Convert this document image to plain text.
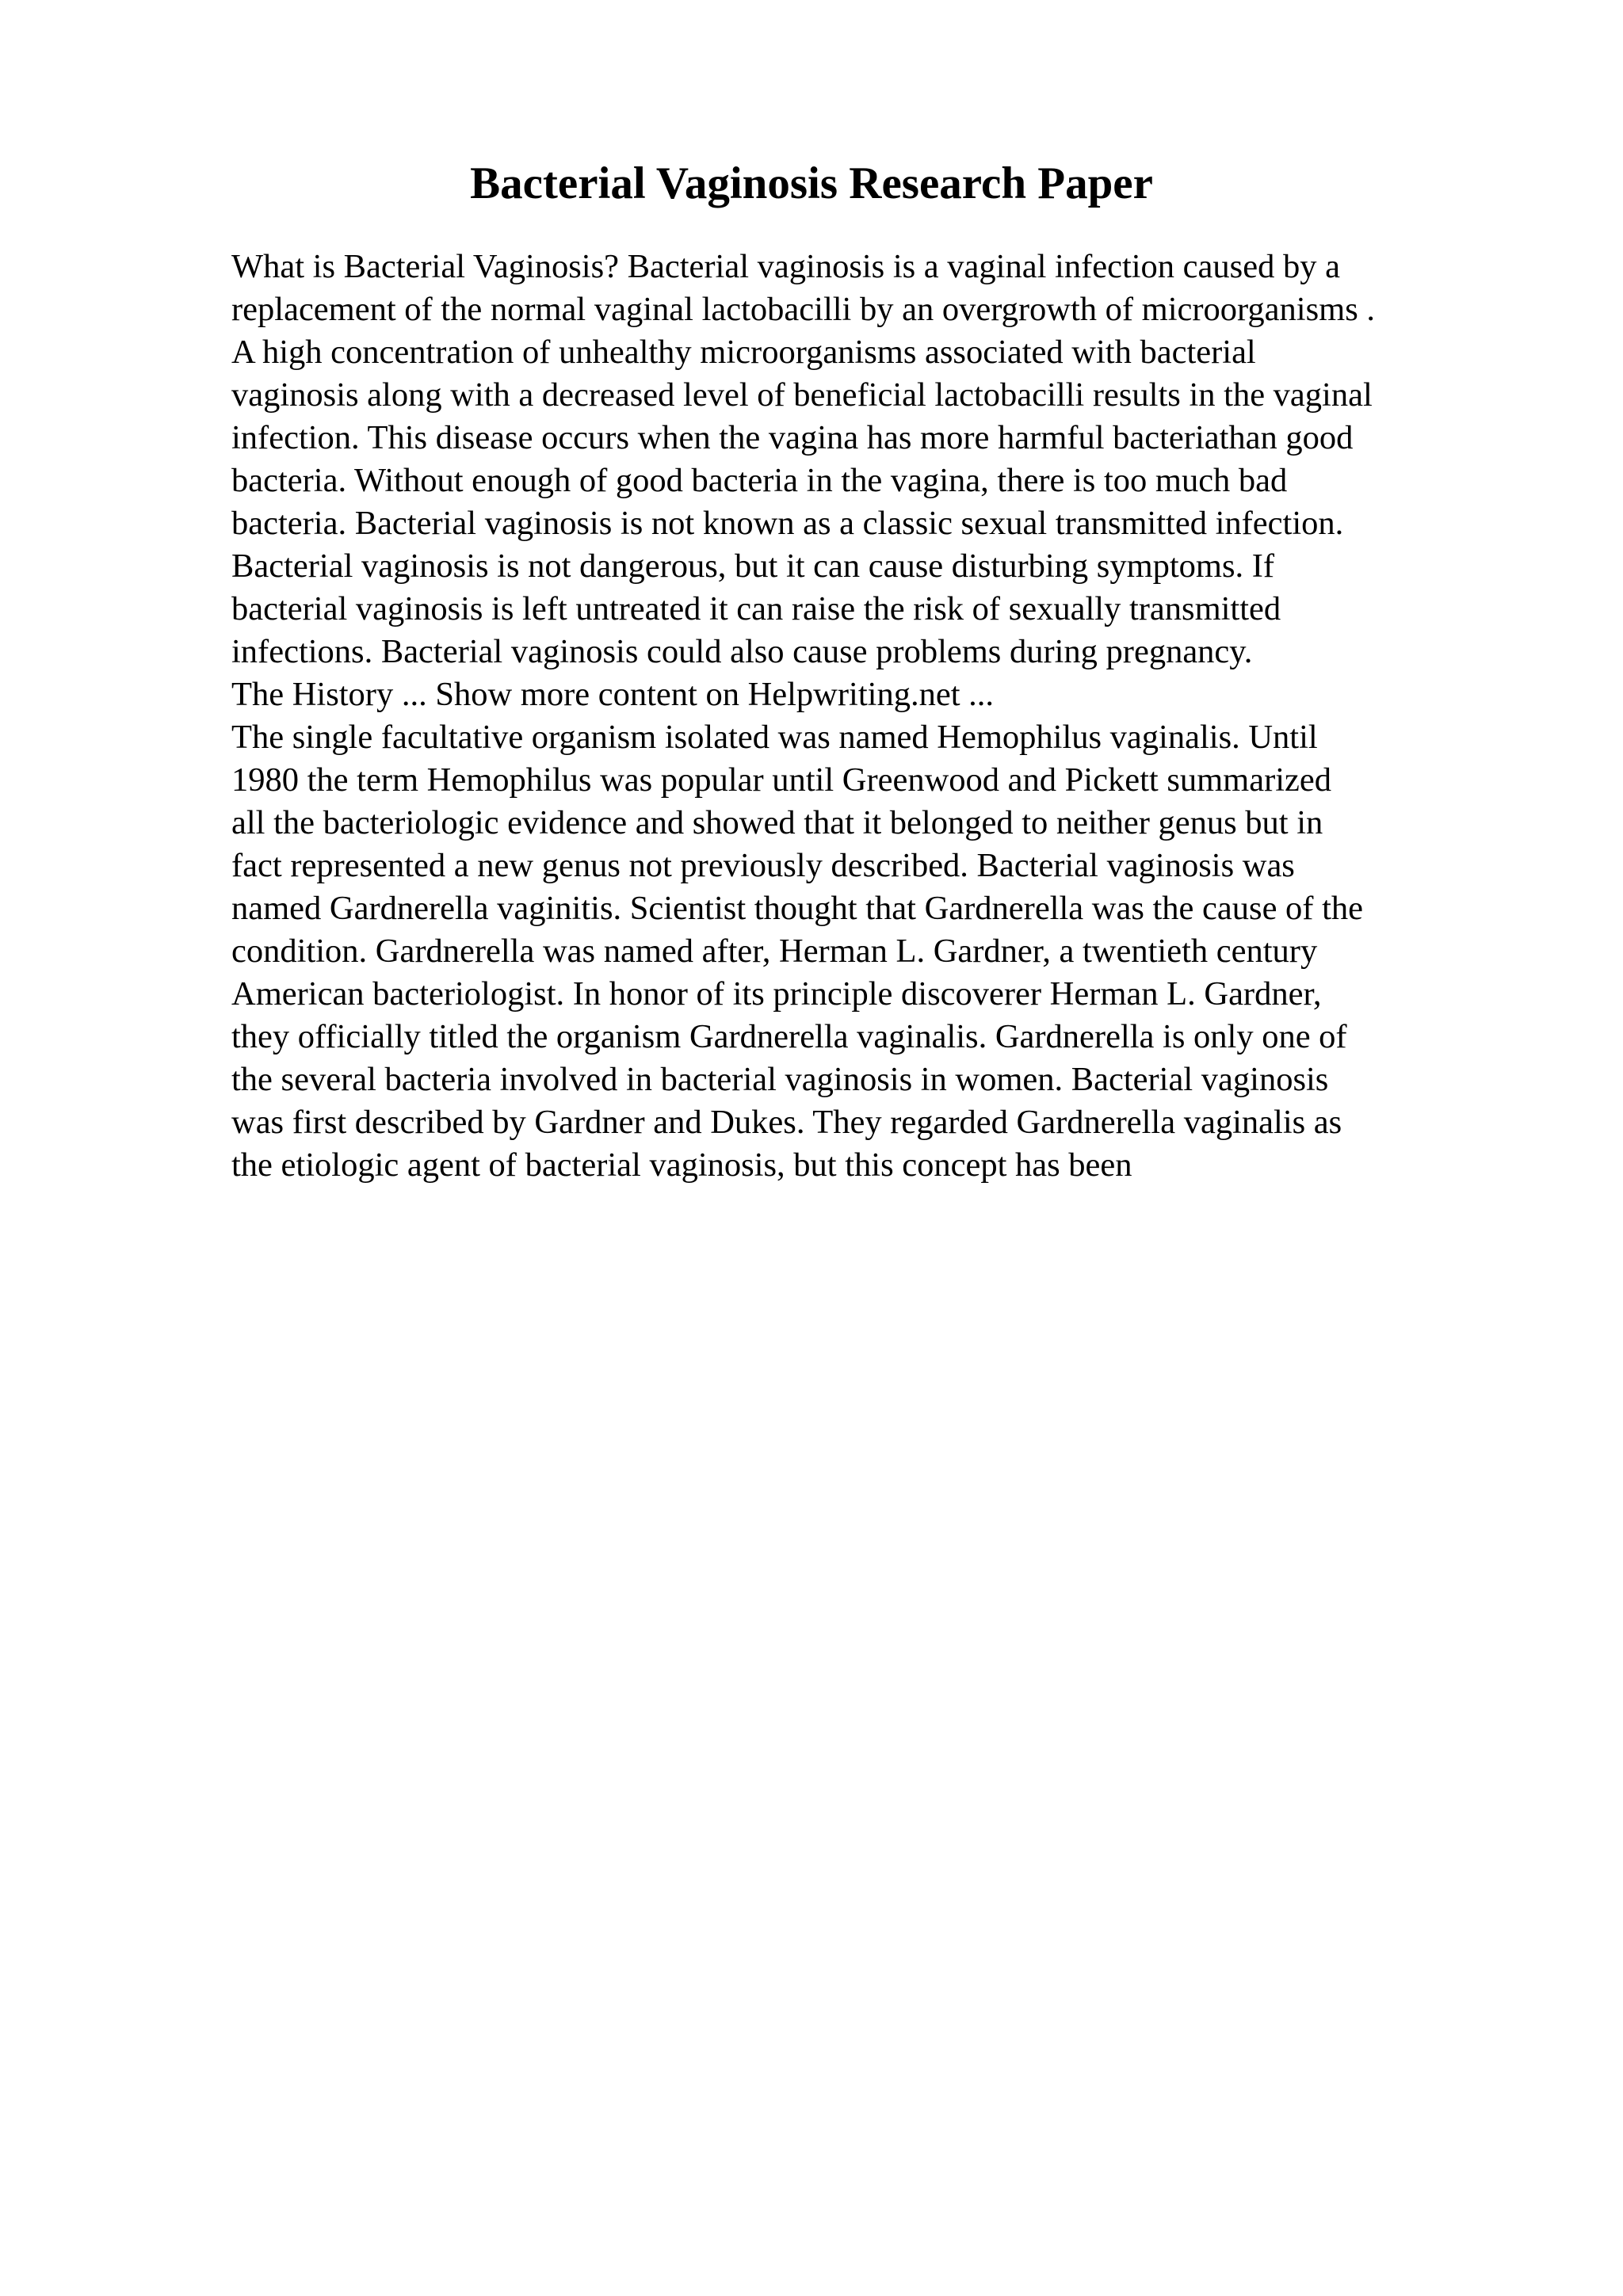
Bacterial Vaginosis Research Paper
What is Bacterial Vaginosis? Bacterial vaginosis is a vaginal infection caused by a
replacement of the normal vaginal lactobacilli by an overgrowth of microorganisms .
A high concentration of unhealthy microorganisms associated with bacterial
vaginosis along with a decreased level of beneficial lactobacilli results in the vaginal
infection. This disease occurs when the vagina has more harmful bacteriathan good
bacteria. Without enough of good bacteria in the vagina, there is too much bad
bacteria. Bacterial vaginosis is not known as a classic sexual transmitted infection.
Bacterial vaginosis is not dangerous, but it can cause disturbing symptoms. If
bacterial vaginosis is left untreated it can raise the risk of sexually transmitted
infections. Bacterial vaginosis could also cause problems during pregnancy.
The History ... Show more content on Helpwriting.net ...
The single facultative organism isolated was named Hemophilus vaginalis. Until
1980 the term Hemophilus was popular until Greenwood and Pickett summarized
all the bacteriologic evidence and showed that it belonged to neither genus but in
fact represented a new genus not previously described. Bacterial vaginosis was
named Gardnerella vaginitis. Scientist thought that Gardnerella was the cause of the
condition. Gardnerella was named after, Herman L. Gardner, a twentieth century
American bacteriologist. In honor of its principle discoverer Herman L. Gardner,
they officially titled the organism Gardnerella vaginalis. Gardnerella is only one of
the several bacteria involved in bacterial vaginosis in women. Bacterial vaginosis
was first described by Gardner and Dukes. They regarded Gardnerella vaginalis as
the etiologic agent of bacterial vaginosis, but this concept has been
